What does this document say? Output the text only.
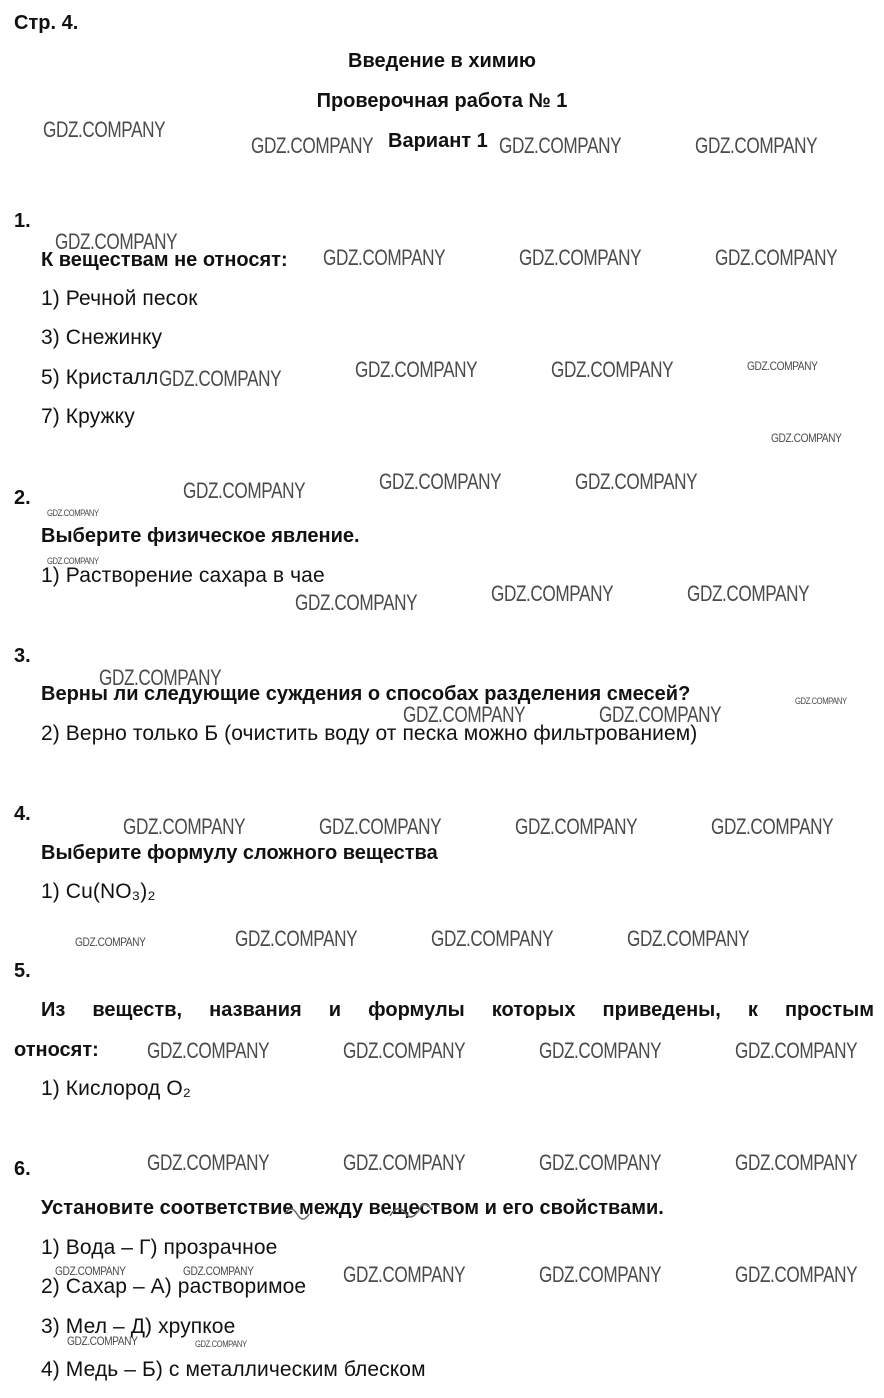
Стр. 4.
Введение в химию
Проверочная работа № 1
Вариант 1
1.
К веществам не относят:
1) Речной песок
3) Снежинку
5) Кристалл
7) Кружку
2.
Выберите физическое явление.
1) Растворение сахара в чае
3.
Верны ли следующие суждения о способах разделения смесей?
2) Верно только Б (очистить воду от песка можно фильтрованием)
4.
Выберите формулу сложного вещества
1) Cu(NO₃)₂
5.
Из веществ, названия и формулы которых приведены, к простым
относят:
1) Кислород O₂
6.
Установите соответствие между веществом и его свойствами.
1) Вода – Г) прозрачное
2) Сахар – А) растворимое
3) Мел – Д) хрупкое
4) Медь – Б) с металлическим блеском
GDZ.COMPANY
GDZ.COMPANY	GDZ.COMPANY	GDZ.COMPANY
GDZ.COMPANY
GDZ.COMPANY	GDZ.COMPANY	GDZ.COMPANY
GDZ.COMPANY	GDZ.COMPANY	GDZ.COMPANY	GDZ.COMPANY
GDZ.COMPANY
GDZ.COMPANY	GDZ.COMPANY	GDZ.COMPANY
GDZ.COMPANY
GDZ.COMPANY
GDZ.COMPANY	GDZ.COMPANY	GDZ.COMPANY
GDZ.COMPANY
GDZ.COMPANY
GDZ.COMPANY	GDZ.COMPANY
GDZ.COMPANY	GDZ.COMPANY	GDZ.COMPANY	GDZ.COMPANY
GDZ.COMPANY	GDZ.COMPANY	GDZ.COMPANY	GDZ.COMPANY
GDZ.COMPANY	GDZ.COMPANY	GDZ.COMPANY	GDZ.COMPANY
GDZ.COMPANY	GDZ.COMPANY	GDZ.COMPANY	GDZ.COMPANY
GDZ.COMPANY	GDZ.COMPANY	GDZ.COMPANY	GDZ.COMPANY	GDZ.COMPANY
GDZ.COMPANY	GDZ.COMPANY
